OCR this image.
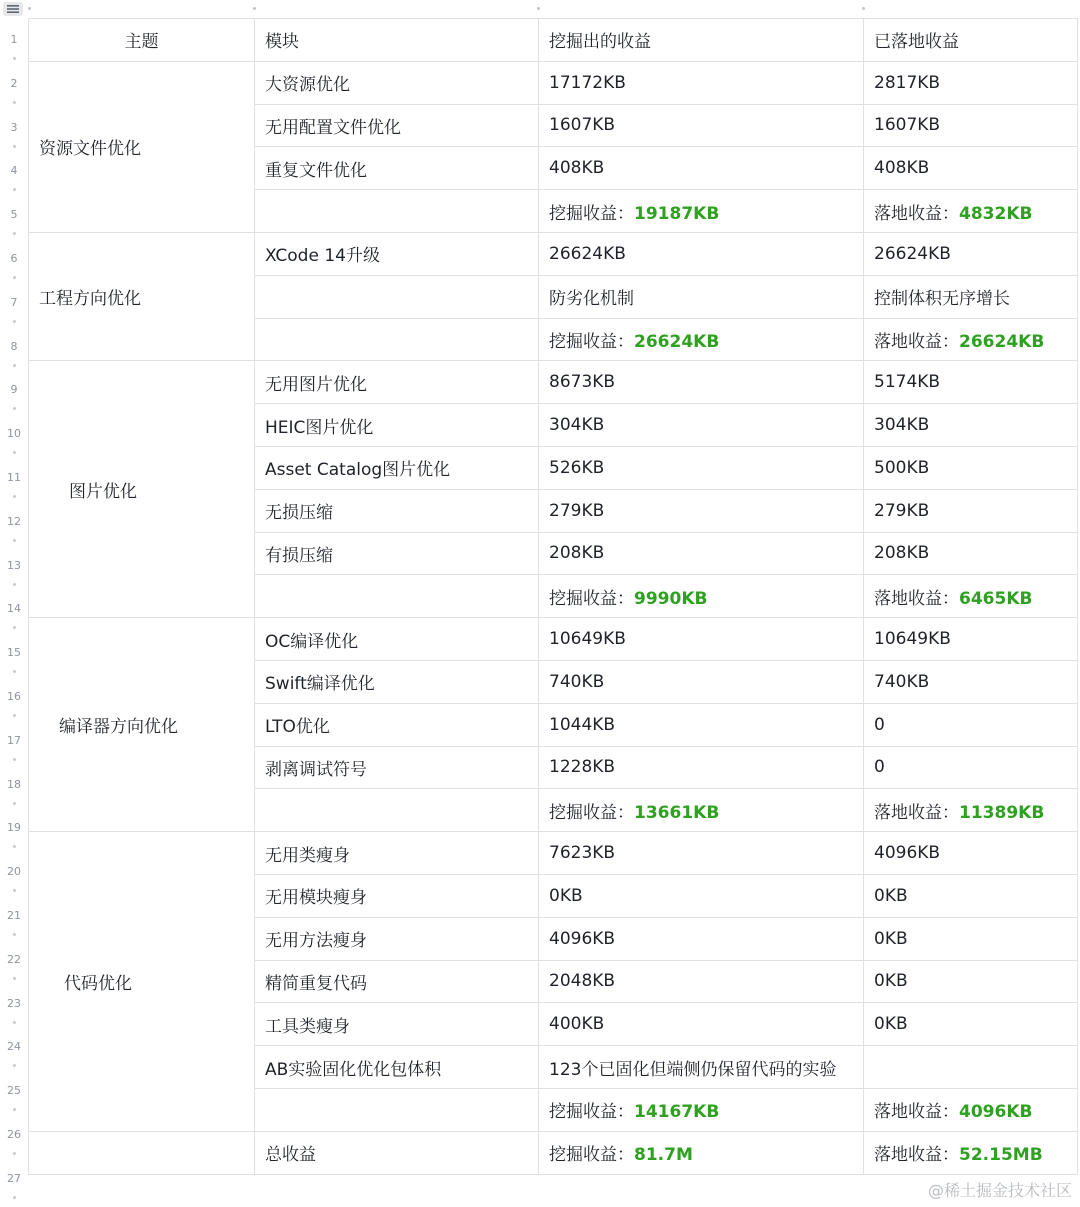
1
2
3
4
5
6
7
8
9
10
11
12
13
14
15
16
17
18
19
20
21
22
23
24
25
26
27
主题	模块	挖掘出的收益	已落地收益
资源文件优化	大资源优化	17172KB	2817KB
	无用配置文件优化	1607KB	1607KB
	重复文件优化	408KB	408KB
		挖掘收益：19187KB	落地收益：4832KB
工程方向优化	XCode 14升级	26624KB	26624KB
		防劣化机制	控制体积无序增长
		挖掘收益：26624KB	落地收益：26624KB
图片优化	无用图片优化	8673KB	5174KB
	HEIC图片优化	304KB	304KB
	Asset Catalog图片优化	526KB	500KB
	无损压缩	279KB	279KB
	有损压缩	208KB	208KB
		挖掘收益：9990KB	落地收益：6465KB
编译器方向优化	OC编译优化	10649KB	10649KB
	Swift编译优化	740KB	740KB
	LTO优化	1044KB	0
	剥离调试符号	1228KB	0
		挖掘收益：13661KB	落地收益：11389KB
代码优化	无用类瘦身	7623KB	4096KB
	无用模块瘦身	0KB	0KB
	无用方法瘦身	4096KB	0KB
	精简重复代码	2048KB	0KB
	工具类瘦身	400KB	0KB
	AB实验固化优化包体积	123个已固化但端侧仍保留代码的实验	
		挖掘收益：14167KB	落地收益：4096KB
	总收益	挖掘收益：81.7M	落地收益：52.15MB
@稀土掘金技术社区
